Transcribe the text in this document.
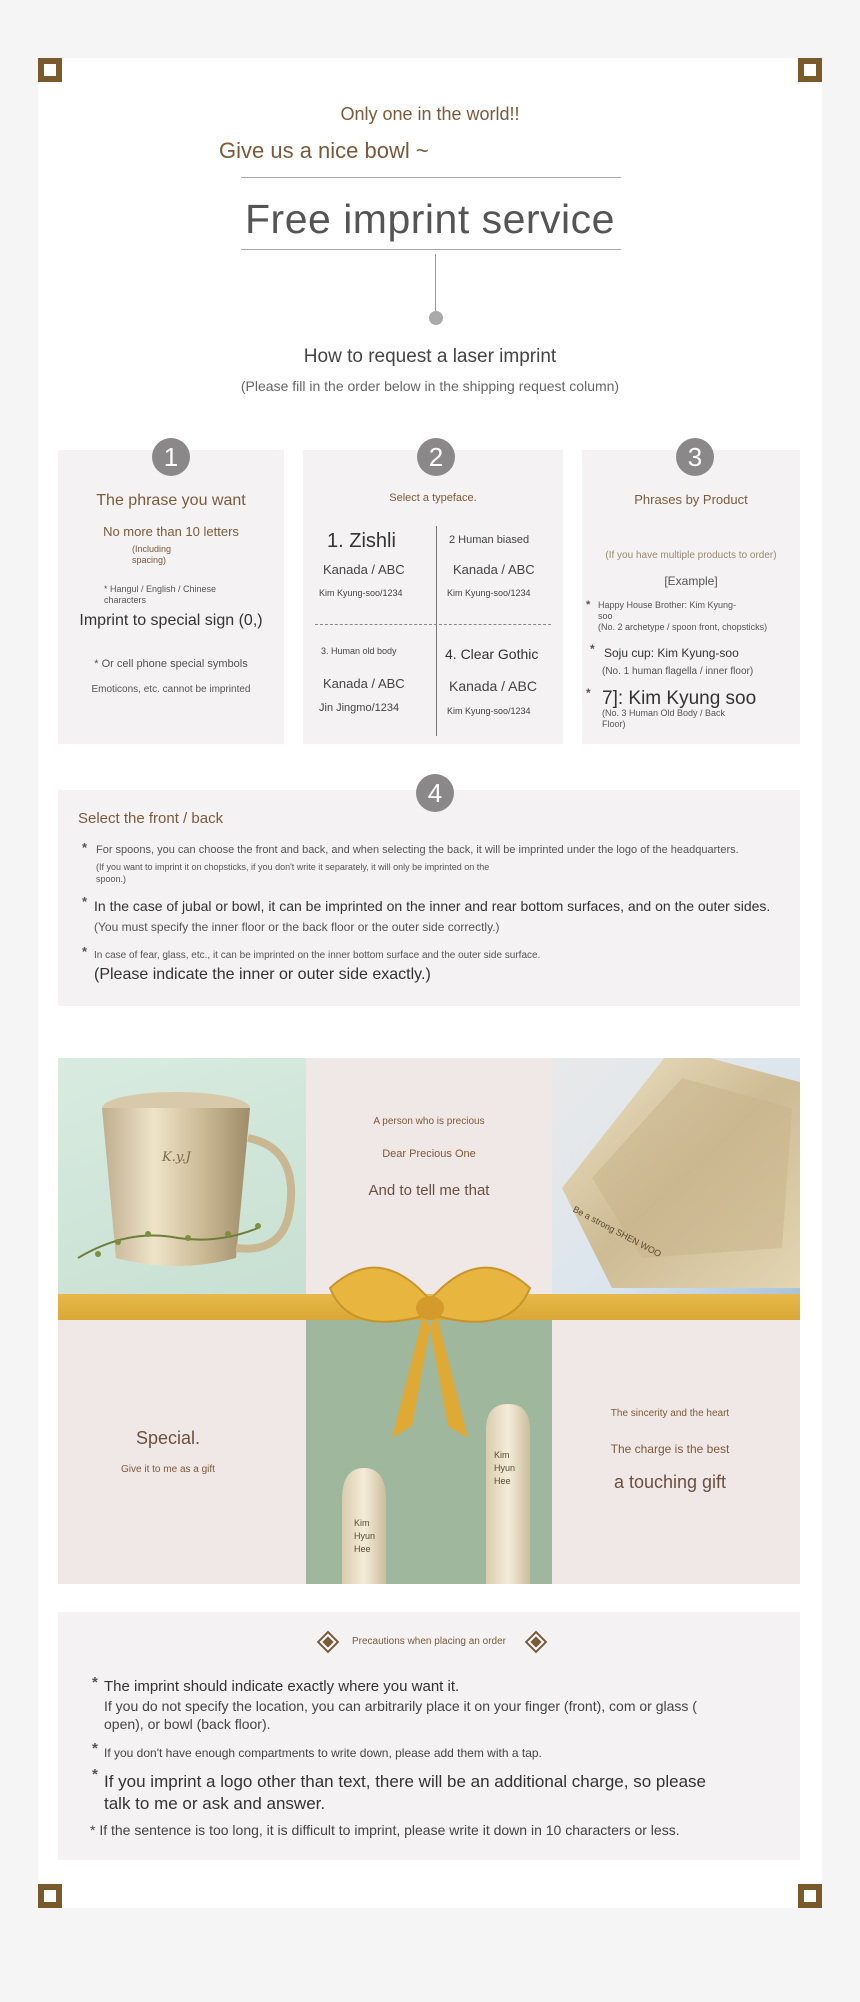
Only one in the world!!
Give us a nice bowl ~
Free imprint service
How to request a laser imprint
(Please fill in the order below in the shipping request column)
1
The phrase you want
No more than 10 letters
(Including
spacing)
* Hangul / English / Chinese
characters
Imprint to special sign (0,)
* Or cell phone special symbols
Emoticons, etc. cannot be imprinted
2
Select a typeface.
1. Zishli
Kanada / ABC
Kim Kyung-soo/1234
2 Human biased
Kanada / ABC
Kim Kyung-soo/1234
3. Human old body
Kanada / ABC
Jin Jingmo/1234
4. Clear Gothic
Kanada / ABC
Kim Kyung-soo/1234
3
Phrases by Product
(If you have multiple products to order)
[Example]
* Happy House Brother: Kim Kyung-
soo
(No. 2 archetype / spoon front, chopsticks)
* Soju cup: Kim Kyung-soo
(No. 1 human flagella / inner floor)
* 7]: Kim Kyung soo
(No. 3 Human Old Body / Back
Floor)
4
Select the front / back
* For spoons, you can choose the front and back, and when selecting the back, it will be imprinted under the logo of the headquarters.
(If you want to imprint it on chopsticks, if you don't write it separately, it will only be imprinted on the
spoon.)
* In the case of jubal or bowl, it can be imprinted on the inner and rear bottom surfaces, and on the outer sides.
(You must specify the inner floor or the back floor or the outer side correctly.)
* In case of fear, glass, etc., it can be imprinted on the inner bottom surface and the outer side surface.
(Please indicate the inner or outer side exactly.)
K.y.J
A person who is precious
Dear Precious One
And to tell me that
Be a strong SHEN WOO
Special.
Give it to me as a gift
Kim
Hyun
Hee
Kim
Hyun
Hee
The sincerity and the heart
The charge is the best
a touching gift
Precautions when placing an order
* The imprint should indicate exactly where you want it.
If you do not specify the location, you can arbitrarily place it on your finger (front), com or glass (
open), or bowl (back floor).
* If you don't have enough compartments to write down, please add them with a tap.
* If you imprint a logo other than text, there will be an additional charge, so please
talk to me or ask and answer.
* If the sentence is too long, it is difficult to imprint, please write it down in 10 characters or less.
